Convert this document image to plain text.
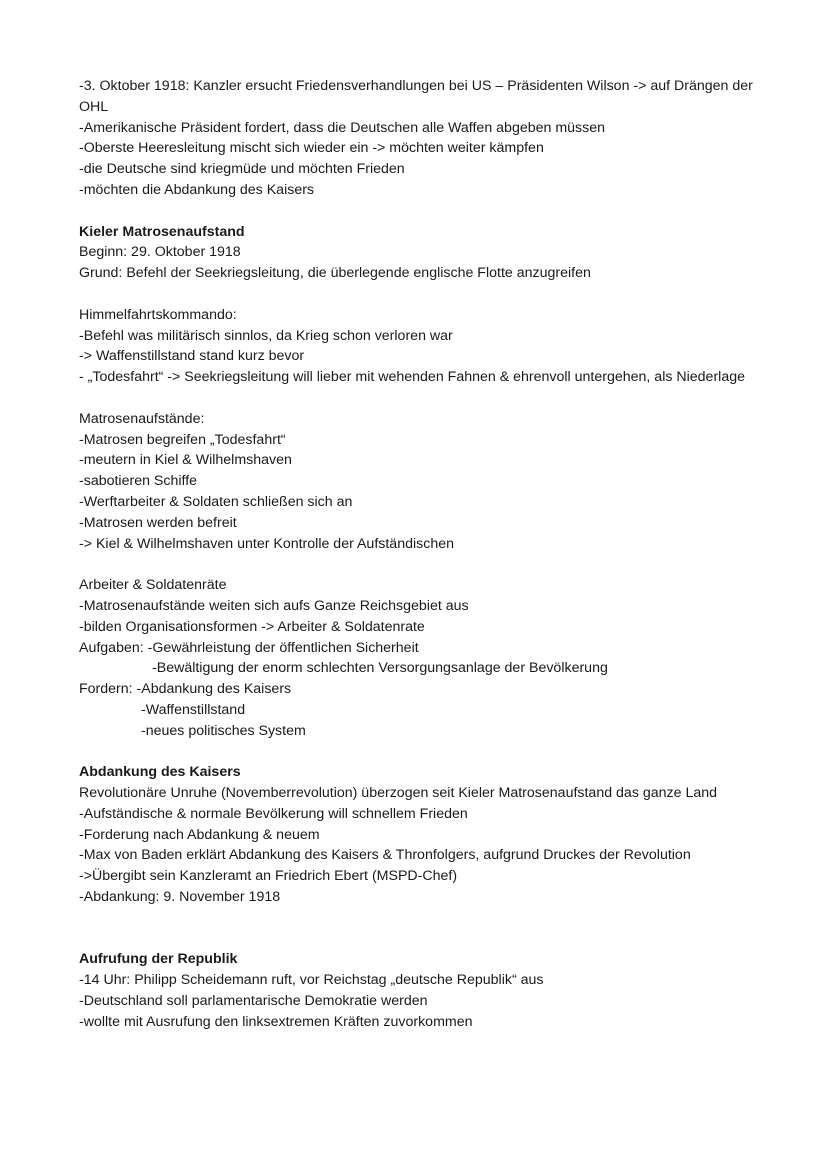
-3. Oktober 1918: Kanzler ersucht Friedensverhandlungen bei US – Präsidenten Wilson -> auf Drängen der OHL
-Amerikanische Präsident fordert, dass die Deutschen alle Waffen abgeben müssen
-Oberste Heeresleitung mischt sich wieder ein -> möchten weiter kämpfen
-die Deutsche sind kriegmüde und möchten Frieden
-möchten die Abdankung des Kaisers
Kieler Matrosenaufstand
Beginn: 29. Oktober 1918
Grund: Befehl der Seekriegsleitung, die überlegende englische Flotte anzugreifen
Himmelfahrtskommando:
-Befehl was militärisch sinnlos, da Krieg schon verloren war
-> Waffenstillstand stand kurz bevor
- „Todesfahrt“ -> Seekriegsleitung will lieber mit wehenden Fahnen & ehrenvoll untergehen, als Niederlage
Matrosenaufstände:
-Matrosen begreifen „Todesfahrt“
-meutern in Kiel & Wilhelmshaven
-sabotieren Schiffe
-Werftarbeiter & Soldaten schließen sich an
-Matrosen werden befreit
-> Kiel & Wilhelmshaven unter Kontrolle der Aufständischen
Arbeiter & Soldatenräte
-Matrosenaufstände weiten sich aufs Ganze Reichsgebiet aus
-bilden Organisationsformen -> Arbeiter & Soldatenrate
Aufgaben: -Gewährleistung der öffentlichen Sicherheit
-Bewältigung der enorm schlechten Versorgungsanlage der Bevölkerung
Fordern: -Abdankung des Kaisers
-Waffenstillstand
-neues politisches System
Abdankung des Kaisers
Revolutionäre Unruhe (Novemberrevolution) überzogen seit Kieler Matrosenaufstand das ganze Land
-Aufständische & normale Bevölkerung will schnellem Frieden
-Forderung nach Abdankung & neuem
-Max von Baden erklärt Abdankung des Kaisers & Thronfolgers, aufgrund Druckes der Revolution
->Übergibt sein Kanzleramt an Friedrich Ebert (MSPD-Chef)
-Abdankung: 9. November 1918
Aufrufung der Republik
-14 Uhr: Philipp Scheidemann ruft, vor Reichstag „deutsche Republik“ aus
-Deutschland soll parlamentarische Demokratie werden
-wollte mit Ausrufung den linksextremen Kräften zuvorkommen
